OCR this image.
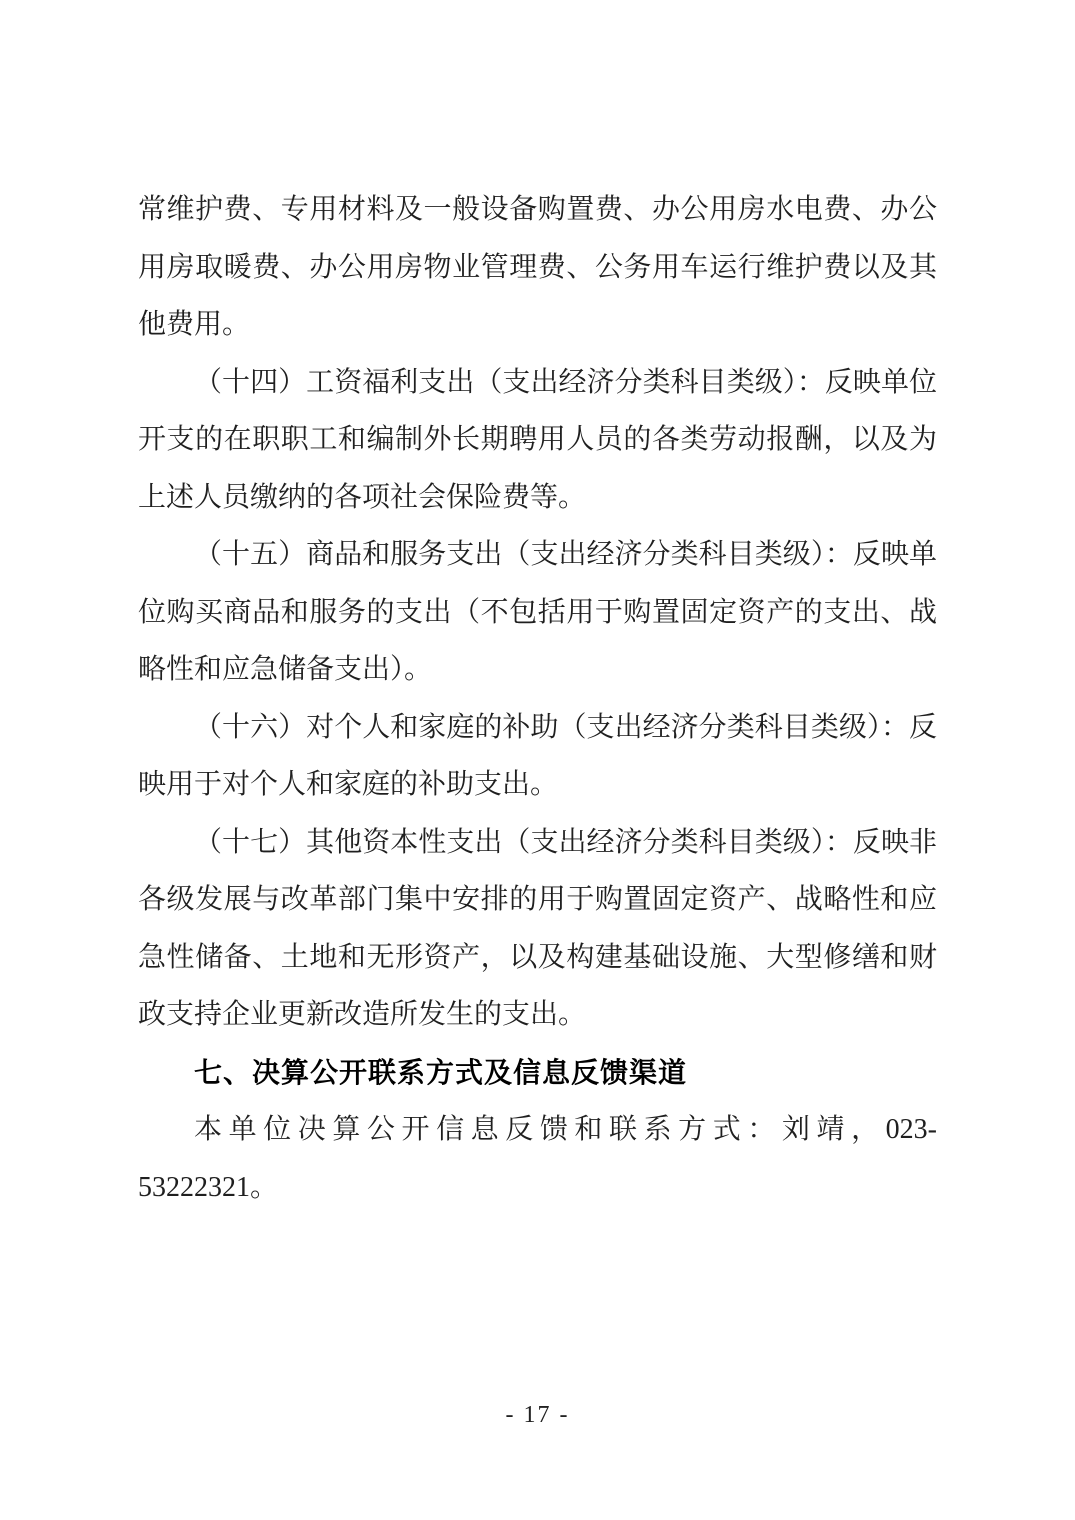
常维护费、专用材料及一般设备购置费、办公用房水电费、办公用房取暖费、办公用房物业管理费、公务用车运行维护费以及其他费用。

（十四）工资福利支出（支出经济分类科目类级）：反映单位开支的在职职工和编制外长期聘用人员的各类劳动报酬，以及为上述人员缴纳的各项社会保险费等。

（十五）商品和服务支出（支出经济分类科目类级）：反映单位购买商品和服务的支出（不包括用于购置固定资产的支出、战略性和应急储备支出）。

（十六）对个人和家庭的补助（支出经济分类科目类级）：反映用于对个人和家庭的补助支出。

（十七）其他资本性支出（支出经济分类科目类级）：反映非各级发展与改革部门集中安排的用于购置固定资产、战略性和应急性储备、土地和无形资产，以及构建基础设施、大型修缮和财政支持企业更新改造所发生的支出。

七、决算公开联系方式及信息反馈渠道

本单位决算公开信息反馈和联系方式：刘靖，023-53222321。

- 17 -
